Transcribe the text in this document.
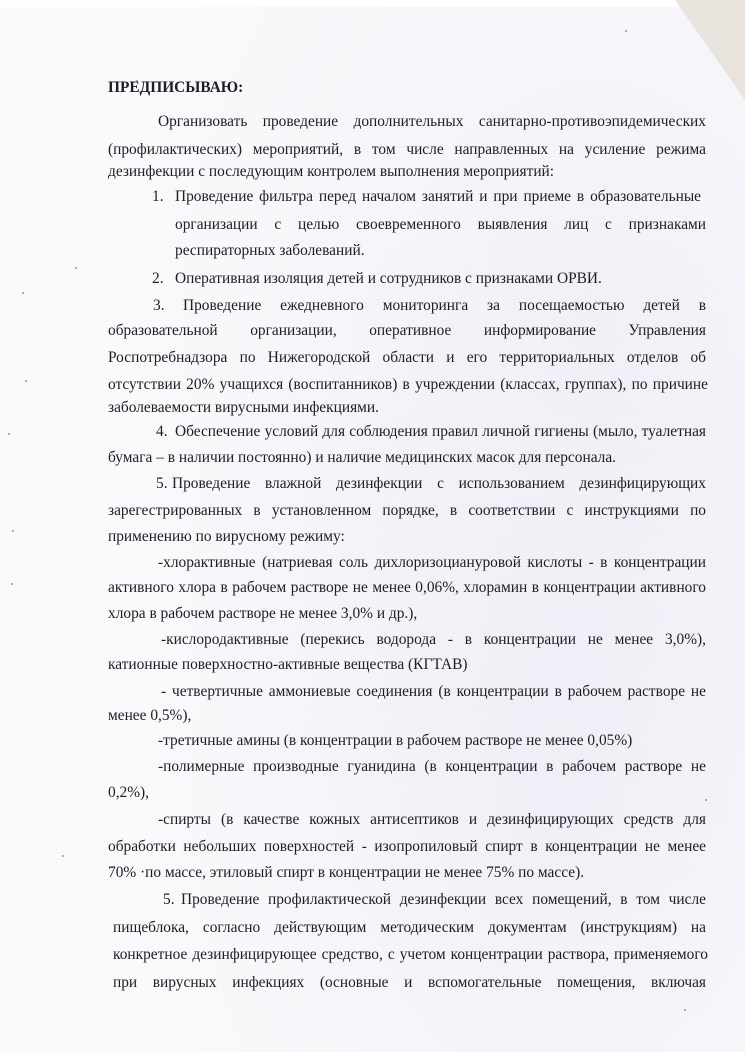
ПРЕДПИСЫВАЮ:
Организовать проведение дополнительных санитарно-противоэпидемических
(профилактических) мероприятий, в том числе направленных на усиление режима
дезинфекции с последующим контролем выполнения мероприятий:
1. Проведение фильтра перед началом занятий и при приеме в образовательные
организации с целью своевременного выявления лиц с признаками
респираторных заболеваний.
2. Оперативная изоляция детей и сотрудников с признаками ОРВИ.
3. Проведение ежедневного мониторинга за посещаемостью детей в
образовательной организации, оперативное информирование Управления
Роспотребнадзора по Нижегородской области и его территориальных отделов об
отсутствии 20% учащихся (воспитанников) в учреждении (классах, группах), по причине
заболеваемости вирусными инфекциями.
4. Обеспечение условий для соблюдения правил личной гигиены (мыло, туалетная
бумага – в наличии постоянно) и наличие медицинских масок для персонала.
5. Проведение влажной дезинфекции с использованием дезинфицирующих
зарегестрированных в установленном порядке, в соответствии с инструкциями по
применению по вирусному режиму:
-хлорактивные (натриевая соль дихлоризоциануровой кислоты - в концентрации
активного хлора в рабочем растворе не менее 0,06%, хлорамин в концентрации активного
хлора в рабочем растворе не менее 3,0% и др.),
-кислородактивные (перекись водорода - в концентрации не менее 3,0%),
катионные поверхностно-активные вещества (КГТАВ)
- четвертичные аммониевые соединения (в концентрации в рабочем растворе не
менее 0,5%),
-третичные амины (в концентрации в рабочем растворе не менее 0,05%)
-полимерные производные гуанидина (в концентрации в рабочем растворе не
0,2%),
-спирты (в качестве кожных антисептиков и дезинфицирующих средств для
обработки небольших поверхностей - изопропиловый спирт в концентрации не менее
70% ·по массе, этиловый спирт в концентрации не менее 75% по массе).
5. Проведение профилактической дезинфекции всех помещений, в том числе
пищеблока, согласно действующим методическим документам (инструкциям) на
конкретное дезинфицирующее средство, с учетом концентрации раствора, применяемого
при вирусных инфекциях (основные и вспомогательные помещения, включая
